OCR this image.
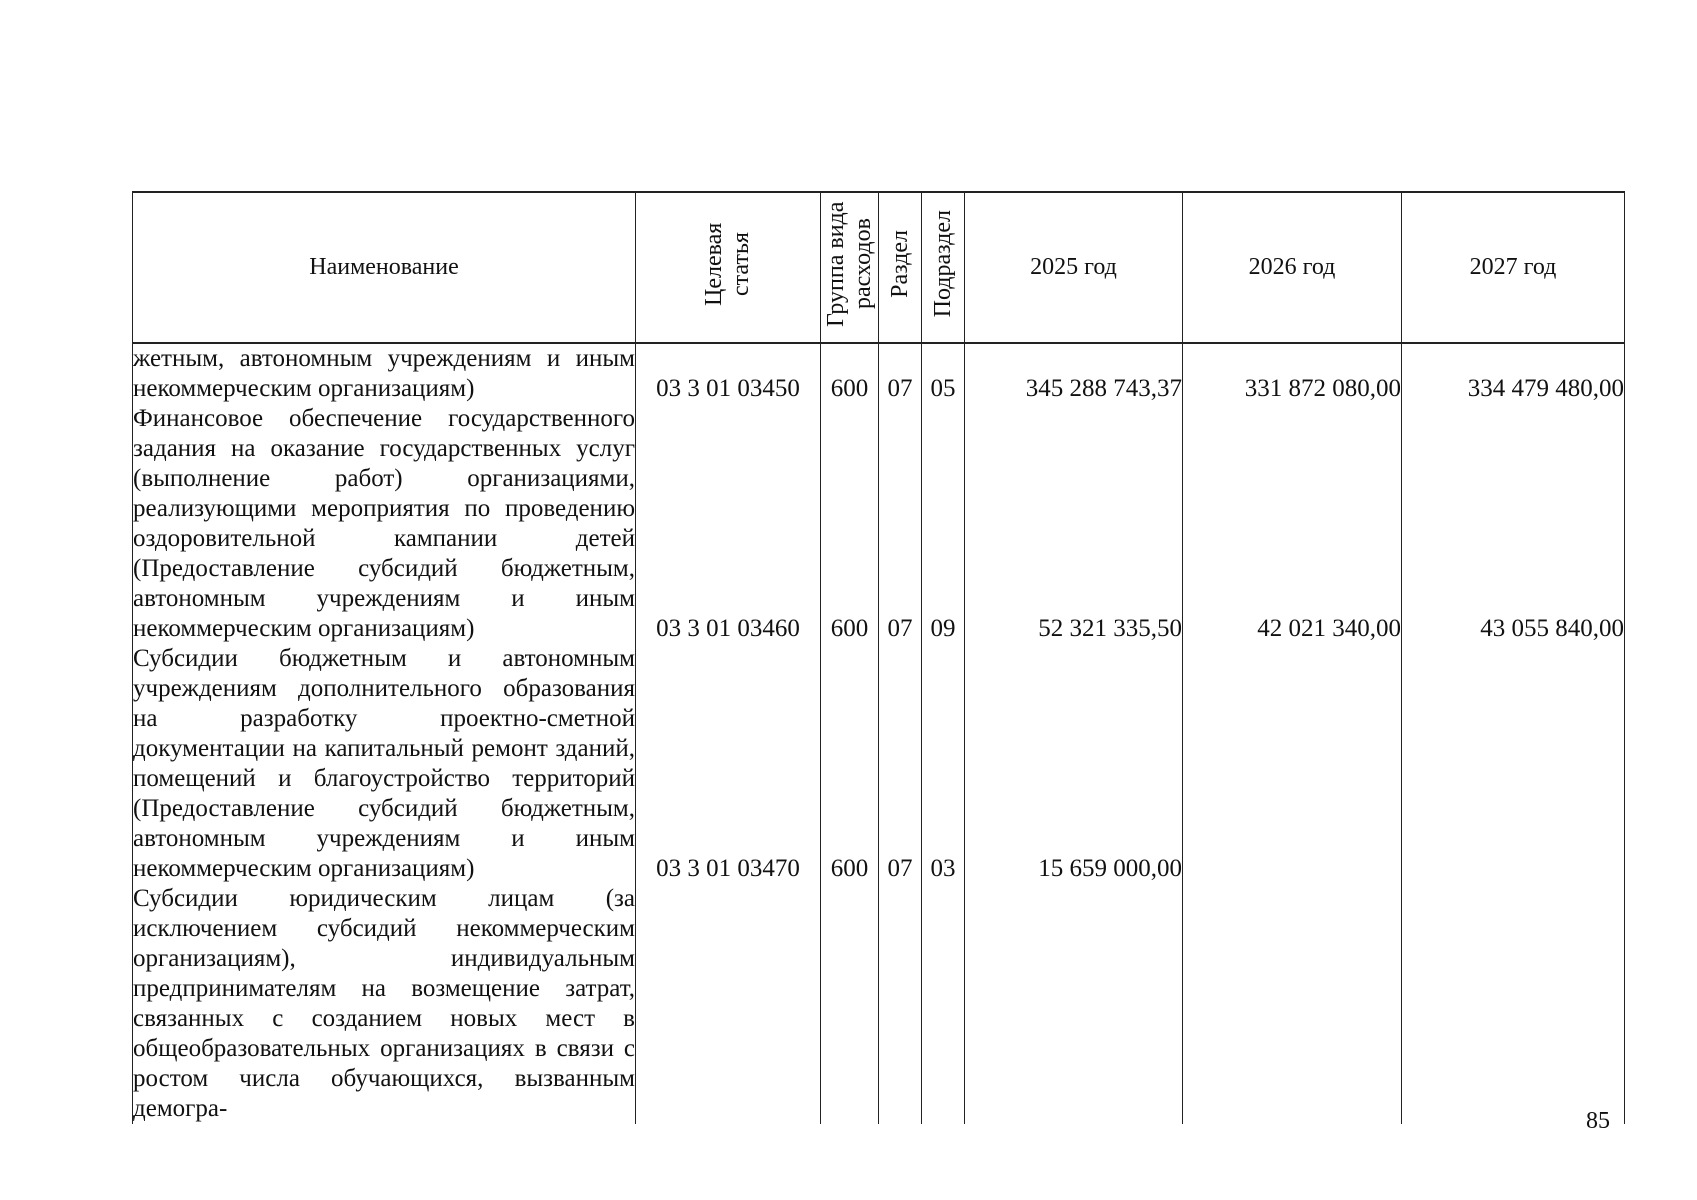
Наименование	Целевая статья	Группа вида расходов	Раздел	Подраздел	2025 год	2026 год	2027 год
жетным, автономным учреждениям и иным некоммерческим организациям)	03 3 01 03450	600	07	05	345 288 743,37	331 872 080,00	334 479 480,00
Финансовое обеспечение государственного задания на оказание государственных услуг (выполнение работ) организациями, реализующими мероприятия по проведению оздоровительной кампании детей (Предоставление субсидий бюджетным, автономным учреждениям и иным некоммерческим организациям)	03 3 01 03460	600	07	09	52 321 335,50	42 021 340,00	43 055 840,00
Субсидии бюджетным и автономным учреждениям дополнительного образования на разработку проектно-сметной документации на капитальный ремонт зданий, помещений и благоустройство территорий (Предоставление субсидий бюджетным, автономным учреждениям и иным некоммерческим организациям)	03 3 01 03470	600	07	03	15 659 000,00		
Субсидии юридическим лицам (за исключением субсидий некоммерческим организациям), индивидуальным предпринимателям на возмещение затрат, связанных с созданием новых мест в общеобразовательных организациях в связи с ростом числа обучающихся, вызванным демогра-								85
